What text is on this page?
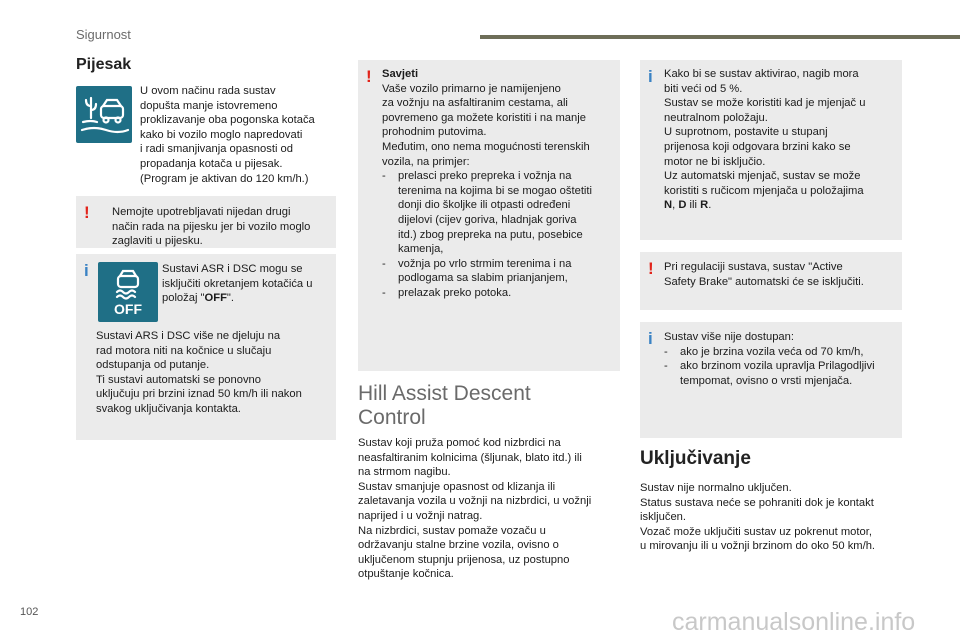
Sigurnost
Pijesak
U ovom načinu rada sustav
dopušta manje istovremeno
proklizavanje oba pogonska kotača
kako bi vozilo moglo napredovati
i radi smanjivanja opasnosti od
propadanja kotača u pijesak.
(Program je aktivan do 120 km/h.)
! Nemojte upotrebljavati nijedan drugi
način rada na pijesku jer bi vozilo moglo
zaglaviti u pijesku.
i
OFF
Sustavi ASR i DSC mogu se
isključiti okretanjem kotačića u
položaj "OFF".
Sustavi ARS i DSC više ne djeluju na
rad motora niti na kočnice u slučaju
odstupanja od putanje.
Ti sustavi automatski se ponovno
uključuju pri brzini iznad 50 km/h ili nakon
svakog uključivanja kontakta.
! Savjeti
Vaše vozilo primarno je namijenjeno
za vožnju na asfaltiranim cestama, ali
povremeno ga možete koristiti i na manje
prohodnim putovima.
Međutim, ono nema mogućnosti terenskih
vozila, na primjer:
-	prelasci preko prepreka i vožnja na
terenima na kojima bi se mogao oštetiti
donji dio školjke ili otpasti određeni
dijelovi (cijev goriva, hladnjak goriva
itd.) zbog prepreka na putu, posebice
kamenja,
-	vožnja po vrlo strmim terenima i na
podlogama sa slabim prianjanjem,
-	prelazak preko potoka.
Hill Assist Descent
Control
Sustav koji pruža pomoć kod nizbrdici na
neasfaltiranim kolnicima (šljunak, blato itd.) ili
na strmom nagibu.
Sustav smanjuje opasnost od klizanja ili
zaletavanja vozila u vožnji na nizbrdici, u vožnji
naprijed i u vožnji natrag.
Na nizbrdici, sustav pomaže vozaču u
održavanju stalne brzine vozila, ovisno o
uključenom stupnju prijenosa, uz postupno
otpuštanje kočnica.
i Kako bi se sustav aktivirao, nagib mora
biti veći od 5 %.
Sustav se može koristiti kad je mjenjač u
neutralnom položaju.
U suprotnom, postavite u stupanj
prijenosa koji odgovara brzini kako se
motor ne bi isključio.
Uz automatski mjenjač, sustav se može
koristiti s ručicom mjenjača u položajima
N, D ili R.
! Pri regulaciji sustava, sustav "Active
Safety Brake" automatski će se isključiti.
i Sustav više nije dostupan:
-	ako je brzina vozila veća od 70 km/h,
-	ako brzinom vozila upravlja Prilagodljivi
tempomat, ovisno o vrsti mjenjača.
Uključivanje
Sustav nije normalno uključen.
Status sustava neće se pohraniti dok je kontakt
isključen.
Vozač može uključiti sustav uz pokrenut motor,
u mirovanju ili u vožnji brzinom do oko 50 km/h.
102	carmanualsonline.info
